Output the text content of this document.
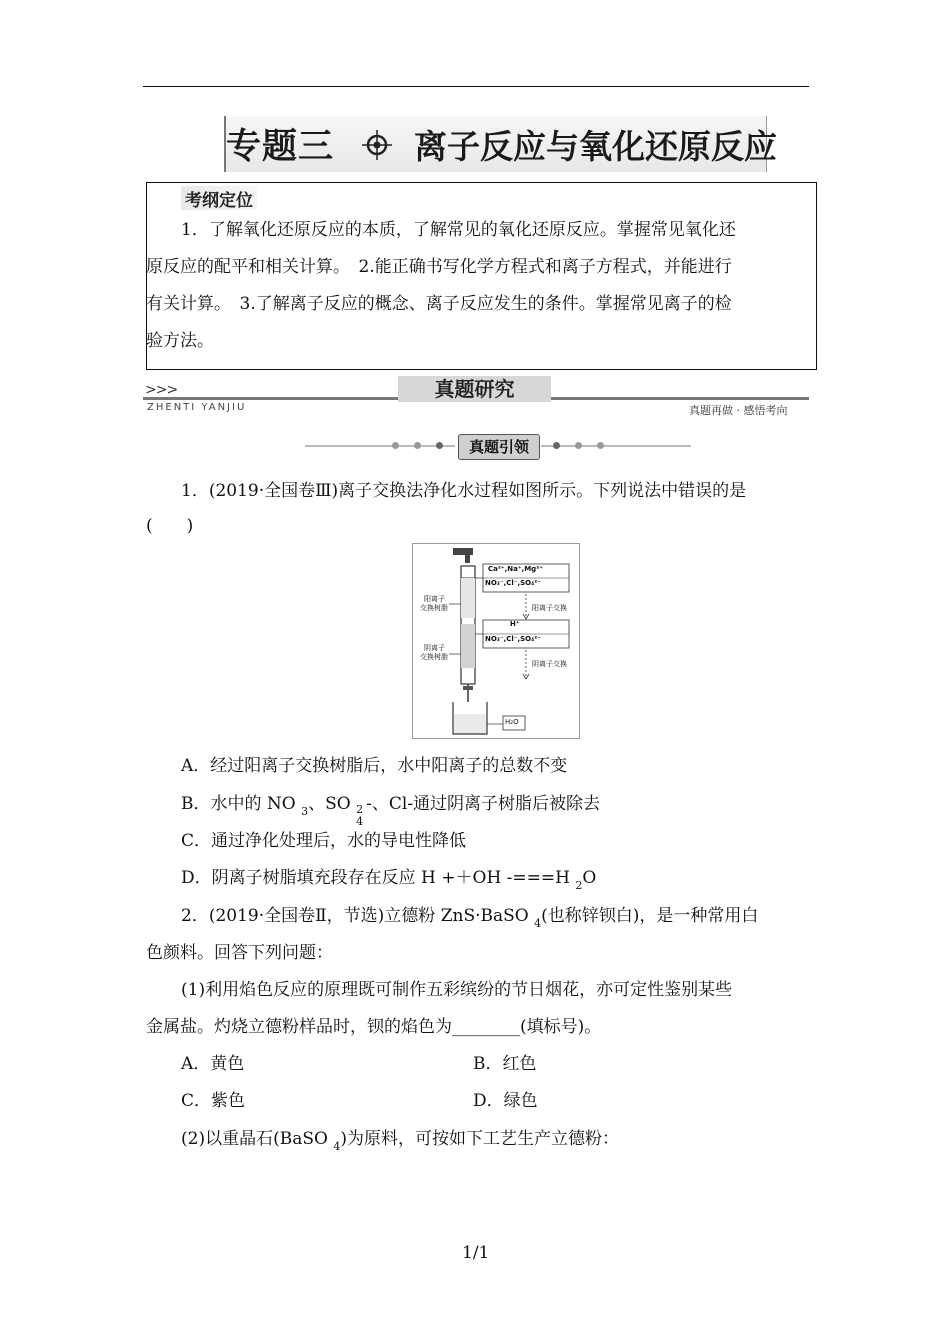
专题三 离子反应与氧化还原反应
考纲定位
1．了解氧化还原反应的本质，了解常见的氧化还原反应。掌握常见氧化还
原反应的配平和相关计算。　2.能正确书写化学方程式和离子方程式，并能进行
有关计算。　3.了解离子反应的概念、离子反应发生的条件。掌握常见离子的检
验方法。
>>>	真题研究
ZHENTI YANJIU	真题再做 · 感悟考向
真题引领
1．(2019·全国卷Ⅲ)离子交换法净化水过程如图所示。下列说法中错误的是
(　　)
Ca²⁺,Na⁺,Mg²⁺
NO₃⁻,Cl⁻,SO₄²⁻
阳离子
交换树脂	阳离子交换
H⁺
NO₃⁻,Cl⁻,SO₄²⁻
阴离子
交换树脂
阴离子交换
H₂O
A．经过阳离子交换树脂后，水中阳离子的总数不变
B．水中的 NO $_3$、SO 2
4
-、Cl-通过阴离子树脂后被除去
C．通过净化处理后，水的导电性降低
D．阴离子树脂填充段存在反应 H +＋OH -===H $_2$O
2．(2019·全国卷Ⅱ，节选)立德粉 ZnS·BaSO $_4$(也称锌钡白)，是一种常用白
色颜料。回答下列问题：
(1)利用焰色反应的原理既可制作五彩缤纷的节日烟花，亦可定性鉴别某些
金属盐。灼烧立德粉样品时，钡的焰色为________(填标号)。
A．黄色	B．红色
C．紫色	D．绿色
(2)以重晶石(BaSO $_4$)为原料，可按如下工艺生产立德粉：
1/1
